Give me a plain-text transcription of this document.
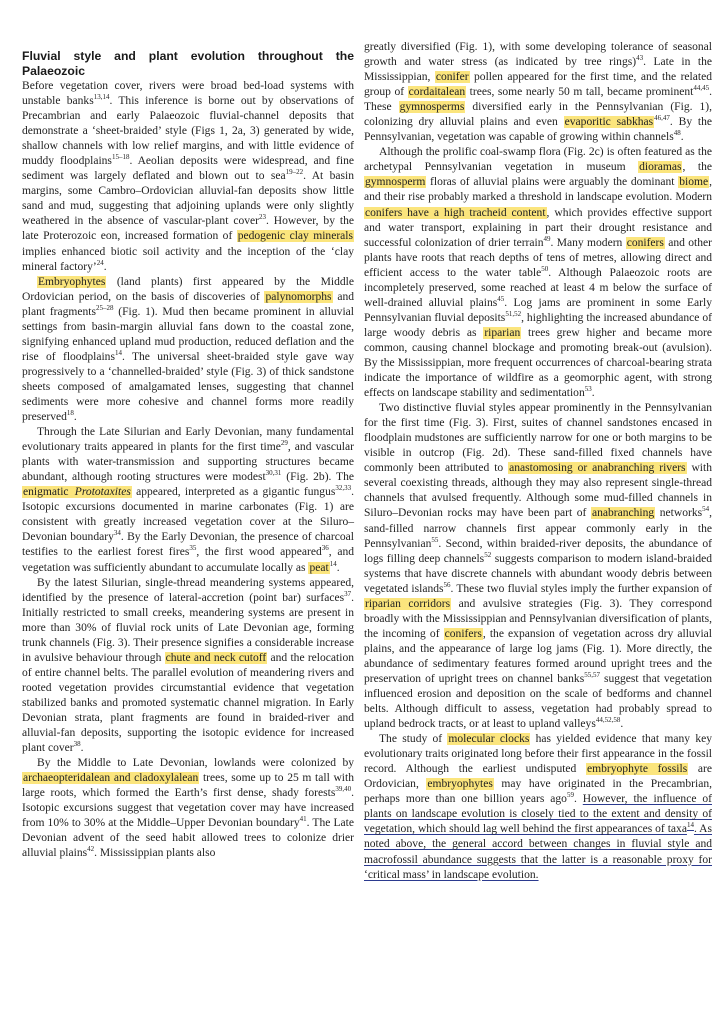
Fluvial style and plant evolution throughout the Palaeozoic

Before vegetation cover, rivers were broad bed-load systems with unstable banks$^{13,14}$. This inference is borne out by observations of Precambrian and early Palaeozoic fluvial-channel deposits that demonstrate a ‘sheet-braided’ style (Figs 1, 2a, 3) generated by wide, shallow channels with low relief margins, and with little evidence of muddy floodplains$^{15-18}$. Aeolian deposits were widespread, and fine sediment was largely deflated and blown out to sea$^{19-22}$. At basin margins, some Cambro–Ordovician alluvial-fan deposits show little sand and mud, suggesting that adjoining uplands were only slightly weathered in the absence of vascular-plant cover$^{23}$. However, by the late Proterozoic eon, increased formation of pedogenic clay minerals implies enhanced biotic soil activity and the inception of the ‘clay mineral factory’$^{24}$.

Embryophytes (land plants) first appeared by the Middle Ordovician period, on the basis of discoveries of palynomorphs and plant fragments$^{25-28}$ (Fig. 1). Mud then became prominent in alluvial settings from basin-margin alluvial fans down to the coastal zone, signifying enhanced upland mud production, reduced deflation and the rise of floodplains$^{14}$. The universal sheet-braided style gave way progressively to a ‘channelled-braided’ style (Fig. 3) of thick sandstone sheets composed of amalgamated lenses, suggesting that channel sediments were more cohesive and channel forms more readily preserved$^{18}$.

Through the Late Silurian and Early Devonian, many fundamental evolutionary traits appeared in plants for the first time$^{29}$, and vascular plants with water-transmission and supporting structures became abundant, although rooting structures were modest$^{30,31}$ (Fig. 2b). The enigmatic Prototaxites appeared, interpreted as a gigantic fungus$^{32,33}$. Isotopic excursions documented in marine carbonates (Fig. 1) are consistent with greatly increased vegetation cover at the Siluro–Devonian boundary$^{34}$. By the Early Devonian, the presence of charcoal testifies to the earliest forest fires$^{35}$, the first wood appeared$^{36}$, and vegetation was sufficiently abundant to accumulate locally as peat$^{14}$.

By the latest Silurian, single-thread meandering systems appeared, identified by the presence of lateral-accretion (point bar) surfaces$^{37}$. Initially restricted to small creeks, meandering systems are present in more than 30% of fluvial rock units of Late Devonian age, forming trunk channels (Fig. 3). Their presence signifies a considerable increase in avulsive behaviour through chute and neck cutoff and the relocation of entire channel belts. The parallel evolution of meandering rivers and rooted vegetation provides circumstantial evidence that vegetation stabilized banks and promoted systematic channel migration. In Early Devonian strata, plant fragments are found in braided-river and alluvial-fan deposits, supporting the isotopic evidence for increased plant cover$^{38}$.

By the Middle to Late Devonian, lowlands were colonized by archaeopteridalean and cladoxylalean trees, some up to 25 m tall with large roots, which formed the Earth’s first dense, shady forests$^{39,40}$. Isotopic excursions suggest that vegetation cover may have increased from 10% to 30% at the Middle–Upper Devonian boundary$^{41}$. The Late Devonian advent of the seed habit allowed trees to colonize drier alluvial plains$^{42}$. Mississippian plants also

greatly diversified (Fig. 1), with some developing tolerance of seasonal growth and water stress (as indicated by tree rings)$^{43}$. Late in the Mississippian, conifer pollen appeared for the first time, and the related group of cordaitalean trees, some nearly 50 m tall, became prominent$^{44,45}$. These gymnosperms diversified early in the Pennsylvanian (Fig. 1), colonizing dry alluvial plains and even evaporitic sabkhas$^{46,47}$. By the Pennsylvanian, vegetation was capable of growing within channels$^{48}$.

Although the prolific coal-swamp flora (Fig. 2c) is often featured as the archetypal Pennsylvanian vegetation in museum dioramas, the gymnosperm floras of alluvial plains were arguably the dominant biome, and their rise probably marked a threshold in landscape evolution. Modern conifers have a high tracheid content, which provides effective support and water transport, explaining in part their drought resistance and successful colonization of drier terrain$^{49}$. Many modern conifers and other plants have roots that reach depths of tens of metres, allowing direct and efficient access to the water table$^{50}$. Although Palaeozoic roots are incompletely preserved, some reached at least 4 m below the surface of well-drained alluvial plains$^{45}$. Log jams are prominent in some Early Pennsylvanian fluvial deposits$^{51,52}$, highlighting the increased abundance of large woody debris as riparian trees grew higher and became more common, causing channel blockage and promoting break-out (avulsion). By the Mississippian, more frequent occurrences of charcoal-bearing strata indicate the importance of wildfire as a geomorphic agent, with strong effects on landscape stability and sedimentation$^{53}$.

Two distinctive fluvial styles appear prominently in the Pennsylvanian for the first time (Fig. 3). First, suites of channel sandstones encased in floodplain mudstones are sufficiently narrow for one or both margins to be visible in outcrop (Fig. 2d). These sand-filled fixed channels have commonly been attributed to anastomosing or anabranching rivers with several coexisting threads, although they may also represent single-thread channels that avulsed frequently. Although some mud-filled channels in Siluro–Devonian rocks may have been part of anabranching networks$^{54}$, sand-filled narrow channels first appear commonly early in the Pennsylvanian$^{55}$. Second, within braided-river deposits, the abundance of logs filling deep channels$^{52}$ suggests comparison to modern island-braided systems that have discrete channels with abundant woody debris between vegetated islands$^{56}$. These two fluvial styles imply the further expansion of riparian corridors and avulsive strategies (Fig. 3). They correspond broadly with the Mississippian and Pennsylvanian diversification of plants, the incoming of conifers, the expansion of vegetation across dry alluvial plains, and the appearance of large log jams (Fig. 1). More directly, the abundance of sedimentary features formed around upright trees and the preservation of upright trees on channel banks$^{55,57}$ suggest that vegetation influenced erosion and deposition on the scale of bedforms and channel belts. Although difficult to assess, vegetation had probably spread to upland bedrock tracts, or at least to upland valleys$^{44,52,58}$.

The study of molecular clocks has yielded evidence that many key evolutionary traits originated long before their first appearance in the fossil record. Although the earliest undisputed embryophyte fossils are Ordovician, embryophytes may have originated in the Precambrian, perhaps more than one billion years ago$^{59}$. However, the influence of plants on landscape evolution is closely tied to the extent and density of vegetation, which should lag well behind the first appearances of taxa$^{14}$. As noted above, the general accord between changes in fluvial style and macrofossil abundance suggests that the latter is a reasonable proxy for ‘critical mass’ in landscape evolution.
